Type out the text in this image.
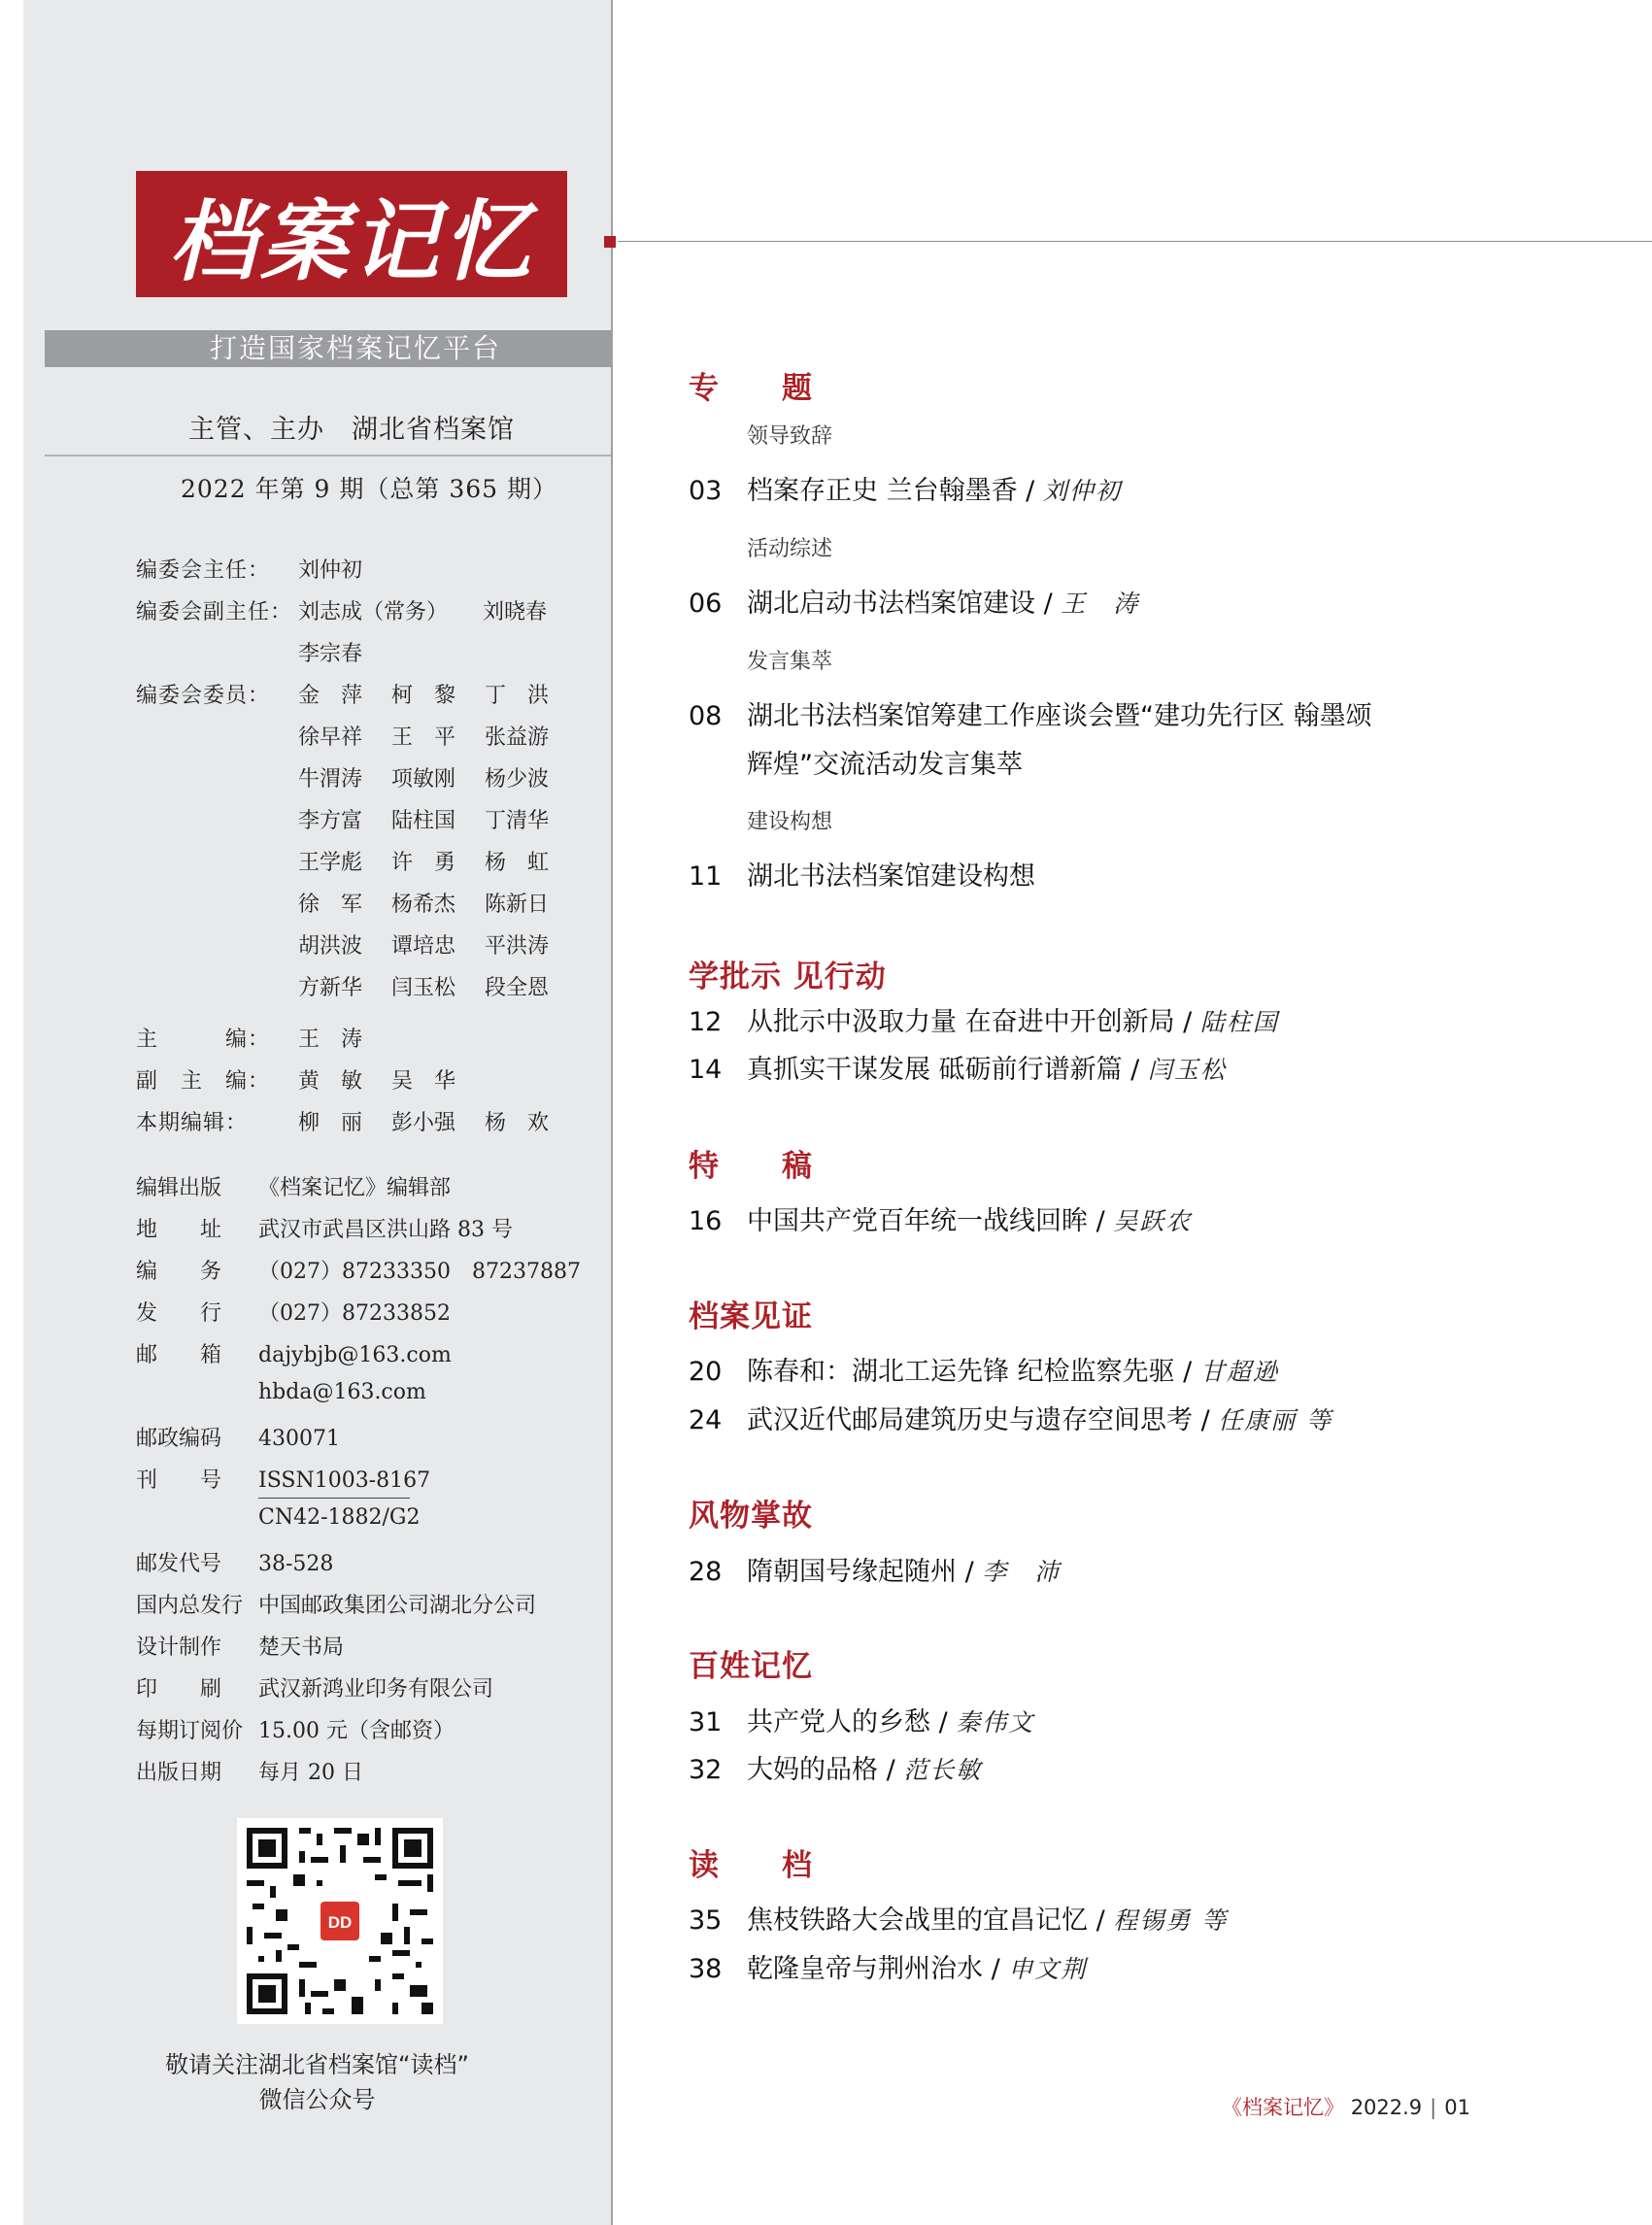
档案记忆
打造国家档案记忆平台
主管、主办　湖北省档案馆
2022 年第 9 期（总第 365 期）
编委会主任：	刘仲初
编委会副主任： 刘志成（常务） 刘晓春
李宗春
编委会委员：	金　萍 柯　黎 丁　洪
徐早祥 王　平 张益游
牛渭涛 项敏刚 杨少波
李方富 陆柱国 丁清华
王学彪 许　勇 杨　虹
徐　军 杨希杰 陈新日
胡洪波 谭培忠 平洪涛
方新华 闫玉松 段全恩
主　　　编：	王　涛
副　主　编：	黄　敏 吴　华
本期编辑：	柳　丽 彭小强 杨　欢
编辑出版 《档案记忆》编辑部
地　　址 武汉市武昌区洪山路 83 号
编　　务 （027）87233350　87237887
发　　行 （027）87233852
邮　　箱 dajybjb@163.com
hbda@163.com
邮政编码 430071
刊　　号 ISSN1003-8167
CN42-1882/G2
邮发代号 38-528
国内总发行 中国邮政集团公司湖北分公司
设计制作 楚天书局
印　　刷 武汉新鸿业印务有限公司
每期订阅价 15.00 元（含邮资）
出版日期 每月 20 日
DD
敬请关注湖北省档案馆“读档”
微信公众号
专　　题
领导致辞
03 档案存正史 兰台翰墨香 / 刘仲初
活动综述
06 湖北启动书法档案馆建设 / 王　涛
发言集萃
08 湖北书法档案馆筹建工作座谈会暨“建功先行区 翰墨颂
辉煌”交流活动发言集萃
建设构想
11 湖北书法档案馆建设构想
学批示 见行动
12 从批示中汲取力量 在奋进中开创新局 / 陆柱国
14 真抓实干谋发展 砥砺前行谱新篇 / 闫玉松
特　　稿
16 中国共产党百年统一战线回眸 / 吴跃农
档案见证
20 陈春和：湖北工运先锋 纪检监察先驱 / 甘超逊
24 武汉近代邮局建筑历史与遗存空间思考 / 任康丽 等
风物掌故
28 隋朝国号缘起随州 / 李　沛
百姓记忆
31 共产党人的乡愁 / 秦伟文
32 大妈的品格 / 范长敏
读　　档
35 焦枝铁路大会战里的宜昌记忆 / 程锡勇 等
38 乾隆皇帝与荆州治水 / 申文荆
《档案记忆》 2022.9 | 01
